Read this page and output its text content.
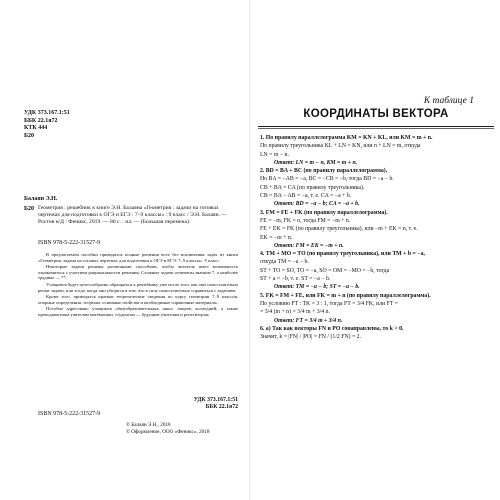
УДК 373.167.1:51
ББК 22.1я72
КТК 444
Б20
Балаян Э.Н.
Б20 Геометрия : решебник к книге Э.Н. Балаяна «Геометрия : задачи на готовых чертежах для подготовки к ОГЭ и ЕГЭ : 7–9 классы» : 9 класс / Э.Н. Балаян. — Ростов н/Д : Феникс, 2019. — 80 с. : ил. — (Большая перемена).
ISBN 978-5-222-31527-9

В предлагаемом пособии приводятся полные решения всех без исключения задач из книги «Геометрия: задачи на готовых чертежах для подготовки к ОГЭ и ЕГЭ: 7–9 классы». 9 класс.

Некоторые задачи решены различными способами, чтобы читатель имел возможность ознакомиться с участием рациональности решения. Сложные задачи отмечены значком *, а наиболее трудные — **.

Учащимся будет целесообразно обращаться к решебнику уже после того, как они самостоятельно решат задачи, или тогда, когда они убедятся в том, что в силу самостоятельно справиться с задачами.

Кроме того, приводятся краткие теоретические сведения по курсу геометрии 7–9 классов, опорные определения, теоремы, основные свойства и необходимые справочные материалы.

Пособие адресовано учащимся общеобразовательных школ, лицеев, колледжей, а также преподавателям учителям математики, студентам — будущим учителям и репетиторам.

УДК 373.167.1:51
ББК 22.1я72
ISBN 978-5-222-31527-9
© Балаян Э.Н., 2018
© Оформление, ООО «Феникс», 2018
К таблице 1
КООРДИНАТЫ ВЕКТОРА
1. По правилу параллелограмма KM = KN + KL, или KM = m + n.
По правилу треугольника KL + LN = KN, или n + LN = m, откуда
LN = m − n.
Ответ: LN = m − n, KM = m + n.
2. BD = BA + BC (по правилу параллелограмма).
Но BA = −AB = −a, BC = −CB = −b, тогда BD = −a − b.
CB + BA = CA (по правилу треугольника).
CB = BA − AB = −a, т. е. CA = −a + b.
Ответ: BD = −a − b; CA = −a + b.
3. FM = FE + FK (по правилу параллелограмма).
FE = −m, FK = n, тогда FM = −m + n.
FE + EK = FK (по правилу треугольника), или −m + EK = n, т. е.
EK = −m + n.
Ответ: FM = EK = −m + n.
4. TM + MO = TO (по правилу треугольника), или TM + b = −a,
откуда TM = −a − b.
ST + TO = SO, TO = −a, SO = OM = −MO = −b, тогда
ST + a = −b, т. е. ST = −a − b.
Ответ: TM = −a − b; ST = −a − b.
5. FK = FM + FE, или FK = m + n (по правилу параллелограмма).
По условию FT : TK = 3 : 1, тогда FT = 3/4 FK, или FT =
= 3/4 (m + n) = 3/4 m + 3/4 n.
Ответ: FT = 3/4 m + 3/4 n.
6. а) Так как векторы FN и PO сонаправлены, то k > 0.
Значит, k = |FN| / |PO| = FN / (1/2 FN) = 2.
